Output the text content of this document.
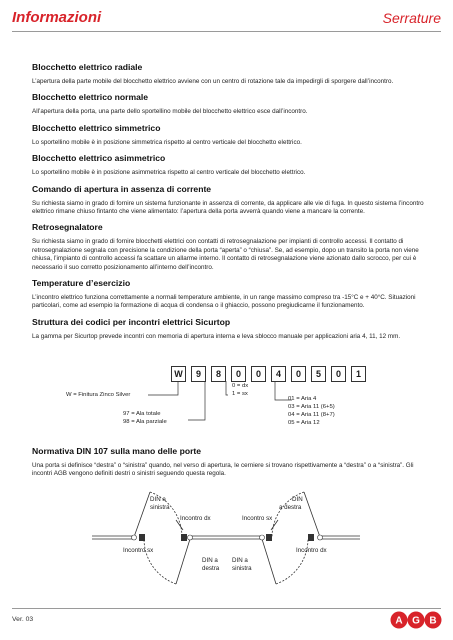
Informazioni	Serrature
Blocchetto elettrico radiale

L’apertura della parte mobile del blocchetto elettrico avviene con un centro di rotazione tale da impedirgli di sporgere dall’incontro.

Blocchetto elettrico normale

All’apertura della porta, una parte dello sportellino mobile del blocchetto elettrico esce dall’incontro.

Blocchetto elettrico simmetrico

Lo sportellino mobile è in posizione simmetrica rispetto al centro verticale del blocchetto elettrico.

Blocchetto elettrico asimmetrico

Lo sportellino mobile è in posizione asimmetrica rispetto al centro verticale del blocchetto elettrico.

Comando di apertura in assenza di corrente

Su richiesta siamo in grado di fornire un sistema funzionante in assenza di corrente, da applicare alle vie di fuga. In questo sistema l’incontro elettrico rimane chiuso fintanto che viene alimentato: l’apertura della porta avverrà quando viene a mancare la corrente.

Retrosegnalatore

Su richiesta siamo in grado di fornire blocchetti elettrici con contatti di retrosegnalazione per impianti di controllo accessi. Il contatto di retrosegnalazione segnala con precisione la condizione della porta “aperta” o “chiusa”. Se, ad esempio, dopo un transito la porta non viene chiusa, l’impianto di controllo accessi fa scattare un allarme interno. Il contatto di retrosegnalazione viene azionato dallo scrocco, per cui è necessario il suo corretto posizionamento all’interno dell’incontro.

Temperature d’esercizio

L’incontro elettrico funziona correttamente a normali temperature ambiente, in un range massimo compreso tra -15°C e + 40°C. Situazioni particolari, come ad esempio la formazione di acqua di condensa o il ghiaccio, possono pregiudicarne il funzionamento.

Struttura dei codici per incontri elettrici Sicurtop

La gamma per Sicurtop prevede incontri con memoria di apertura interna e leva sblocco manuale per applicazioni aria 4, 11, 12 mm.

W	9	8	0	0	4	0	5	0	1
W = Finitura Zinco Silver
97 = Ala totale
98 = Ala parziale
0 = dx
1 = sx
01 = Aria 4
03 = Aria 11 (6+5)
04 = Aria 11 (8+7)
05 = Aria 12
Normativa DIN 107 sulla mano delle porte

Una porta si definisce “destra” o “sinistra” quando, nel verso di apertura, le cerniere si trovano rispettivamente a “destra” o a “sinistra”. Gli incontri AGB vengono definiti destri o sinistri seguendo questa regola.

DIN a
sinistra
DIN
a destra
Incontro dx	Incontro sx
Incontro sx	Incontro dx
DIN a
destra
DIN a
sinistra
Ver. 03	A G B
